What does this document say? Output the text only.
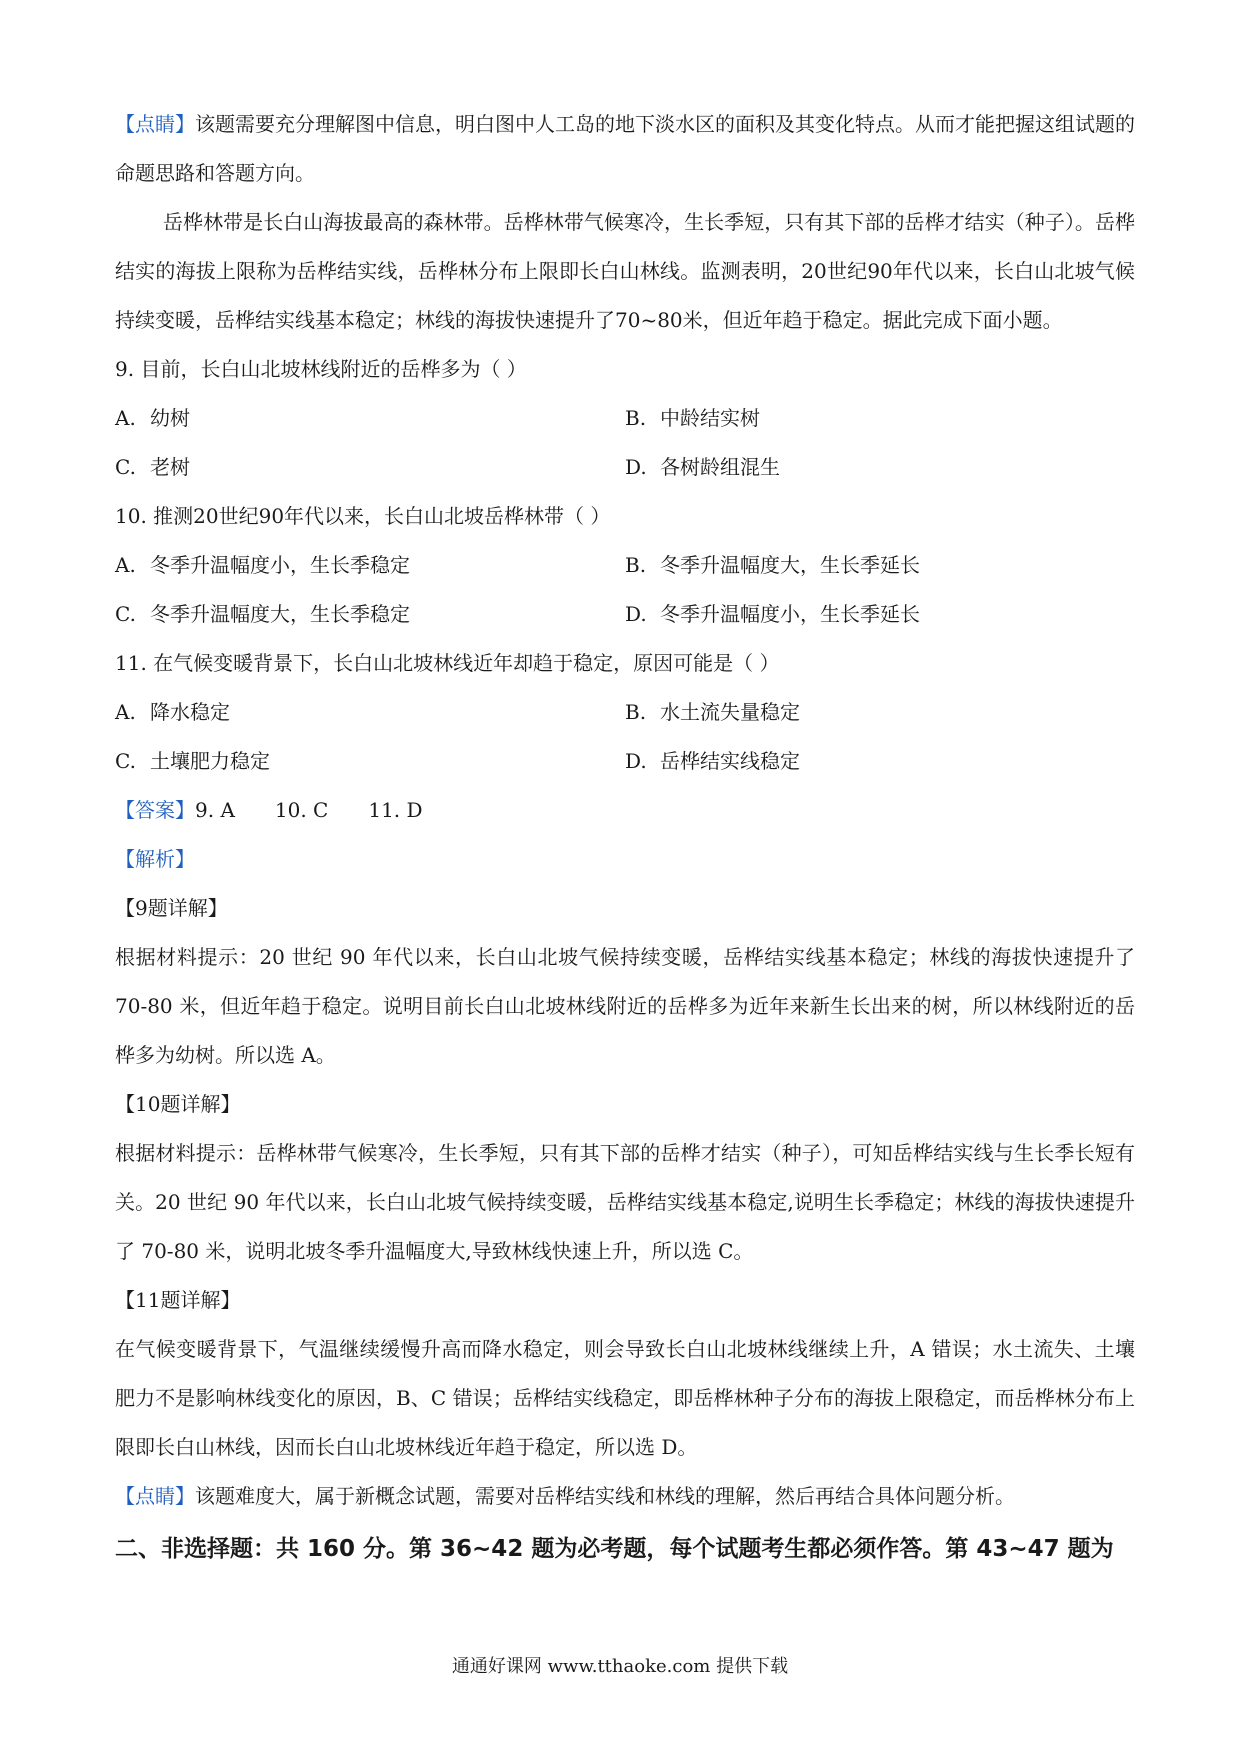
【点睛】该题需要充分理解图中信息，明白图中人工岛的地下淡水区的面积及其变化特点。从而才能把握这组试题的命题思路和答题方向。

岳桦林带是长白山海拔最高的森林带。岳桦林带气候寒冷，生长季短，只有其下部的岳桦才结实（种子）。岳桦结实的海拔上限称为岳桦结实线，岳桦林分布上限即长白山林线。监测表明，20世纪90年代以来，长白山北坡气候持续变暖，岳桦结实线基本稳定；林线的海拔快速提升了70~80米，但近年趋于稳定。据此完成下面小题。

9. 目前，长白山北坡林线附近的岳桦多为（ ）

A. 幼树	B. 中龄结实树
C. 老树	D. 各树龄组混生

10. 推测20世纪90年代以来，长白山北坡岳桦林带（ ）

A. 冬季升温幅度小，生长季稳定	B. 冬季升温幅度大，生长季延长
C. 冬季升温幅度大，生长季稳定	D. 冬季升温幅度小，生长季延长

11. 在气候变暖背景下，长白山北坡林线近年却趋于稳定，原因可能是（ ）

A. 降水稳定	B. 水土流失量稳定
C. 土壤肥力稳定	D. 岳桦结实线稳定

【答案】9. A 10. C 11. D

【解析】

【9题详解】

根据材料提示：20 世纪 90 年代以来，长白山北坡气候持续变暖，岳桦结实线基本稳定；林线的海拔快速提升了 70-80 米，但近年趋于稳定。说明目前长白山北坡林线附近的岳桦多为近年来新生长出来的树，所以林线附近的岳桦多为幼树。所以选 A。

【10题详解】

根据材料提示：岳桦林带气候寒冷，生长季短，只有其下部的岳桦才结实（种子），可知岳桦结实线与生长季长短有关。20 世纪 90 年代以来，长白山北坡气候持续变暖，岳桦结实线基本稳定,说明生长季稳定；林线的海拔快速提升了 70-80 米，说明北坡冬季升温幅度大,导致林线快速上升，所以选 C。

【11题详解】

在气候变暖背景下，气温继续缓慢升高而降水稳定，则会导致长白山北坡林线继续上升，A 错误；水土流失、土壤肥力不是影响林线变化的原因，B、C 错误；岳桦结实线稳定，即岳桦林种子分布的海拔上限稳定，而岳桦林分布上限即长白山林线，因而长白山北坡林线近年趋于稳定，所以选 D。

【点睛】该题难度大，属于新概念试题，需要对岳桦结实线和林线的理解，然后再结合具体问题分析。

二、非选择题：共 160 分。第 36~42 题为必考题，每个试题考生都必须作答。第 43~47 题为
通通好课网 www.tthaoke.com 提供下载
